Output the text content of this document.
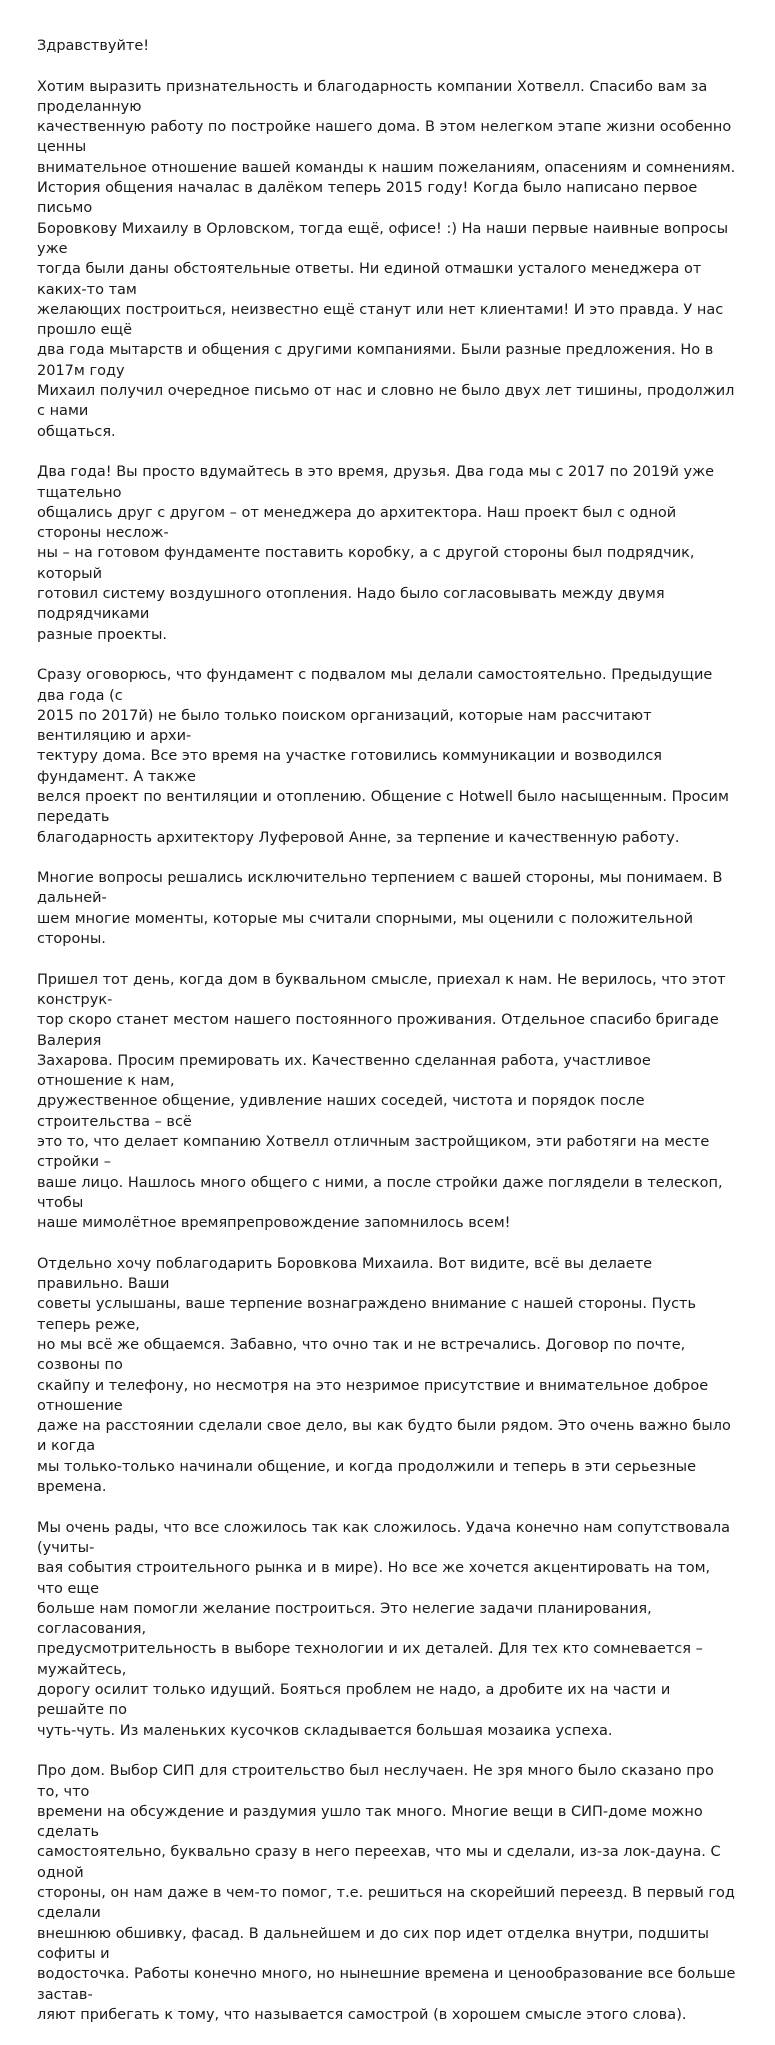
Здравствуйте!

Хотим выразить признательность и благодарность компании Хотвелл. Спасибо вам за проделанную
качественную работу по постройке нашего дома. В этом нелегком этапе жизни особенно ценны
внимательное отношение вашей команды к нашим пожеланиям, опасениям и сомнениям.
История общения началас в далёком теперь 2015 году! Когда было написано первое письмо
Боровкову Михаилу в Орловском, тогда ещё, офисе! :) На наши первые наивные вопросы уже
тогда были даны обстоятельные ответы. Ни единой отмашки усталого менеджера от каких-то там
желающих построиться, неизвестно ещё станут или нет клиентами! И это правда. У нас прошло ещё
два года мытарств и общения с другими компаниями. Были разные предложения. Но в 2017м году
Михаил получил очередное письмо от нас и словно не было двух лет тишины, продолжил с нами
общаться.

Два года! Вы просто вдумайтесь в это время, друзья. Два года мы с 2017 по 2019й уже тщательно
общались друг с другом – от менеджера до архитектора. Наш проект был с одной стороны неслож-
ны – на готовом фундаменте поставить коробку, а с другой стороны был подрядчик, который
готовил систему воздушного отопления. Надо было согласовывать между двумя подрядчиками
разные проекты.

Сразу оговорюсь, что фундамент с подвалом мы делали самостоятельно. Предыдущие два года (с
2015 по 2017й) не было только поиском организаций, которые нам рассчитают вентиляцию и архи-
тектуру дома. Все это время на участке готовились коммуникации и возводился фундамент. А также
велся проект по вентиляции и отоплению. Общение с Hotwell было насыщенным. Просим передать
благодарность архитектору Луферовой Анне, за терпение и качественную работу.

Многие вопросы решались исключительно терпением с вашей стороны, мы понимаем. В дальней-
шем многие моменты, которые мы считали спорными, мы оценили с положительной стороны.

Пришел тот день, когда дом в буквальном смысле, приехал к нам. Не верилось, что этот конструк-
тор скоро станет местом нашего постоянного проживания. Отдельное спасибо бригаде Валерия
Захарова. Просим премировать их. Качественно сделанная работа, участливое отношение к нам,
дружественное общение, удивление наших соседей, чистота и порядок после строительства – всё
это то, что делает компанию Хотвелл отличным застройщиком, эти работяги на месте стройки –
ваше лицо. Нашлось много общего с ними, а после стройки даже поглядели в телескоп, чтобы
наше мимолётное времяпрепровождение запомнилось всем!

Отдельно хочу поблагодарить Боровкова Михаила. Вот видите, всё вы делаете правильно. Ваши
советы услышаны, ваше терпение вознаграждено внимание с нашей стороны. Пусть теперь реже,
но мы всё же общаемся. Забавно, что очно так и не встречались. Договор по почте, созвоны по
скайпу и телефону, но несмотря на это незримое присутствие и внимательное доброе отношение
даже на расстоянии сделали свое дело, вы как будто были рядом. Это очень важно было и когда
мы только-только начинали общение, и когда продолжили и теперь в эти серьезные времена.

Мы очень рады, что все сложилось так как сложилось. Удача конечно нам сопутствовала (учиты-
вая события строительного рынка и в мире). Но все же хочется акцентировать на том, что еще
больше нам помогли желание построиться. Это нелегие задачи планирования, согласования,
предусмотрительность в выборе технологии и их деталей. Для тех кто сомневается – мужайтесь,
дорогу осилит только идущий. Бояться проблем не надо, а дробите их на части и решайте по
чуть-чуть. Из маленьких кусочков складывается большая мозаика успеха.

Про дом. Выбор СИП для строительство был неслучаен. Не зря много было сказано про то, что
времени на обсуждение и раздумия ушло так много. Многие вещи в СИП-доме можно сделать
самостоятельно, буквально сразу в него переехав, что мы и сделали, из-за лок-дауна. С одной
стороны, он нам даже в чем-то помог, т.е. решиться на скорейший переезд. В первый год сделали
внешнюю обшивку, фасад. В дальнейшем и до сих пор идет отделка внутри, подшиты софиты и
водосточка. Работы конечно много, но нынешние времена и ценообразование все больше застав-
ляют прибегать к тому, что называется самострой (в хорошем смысле этого слова).
